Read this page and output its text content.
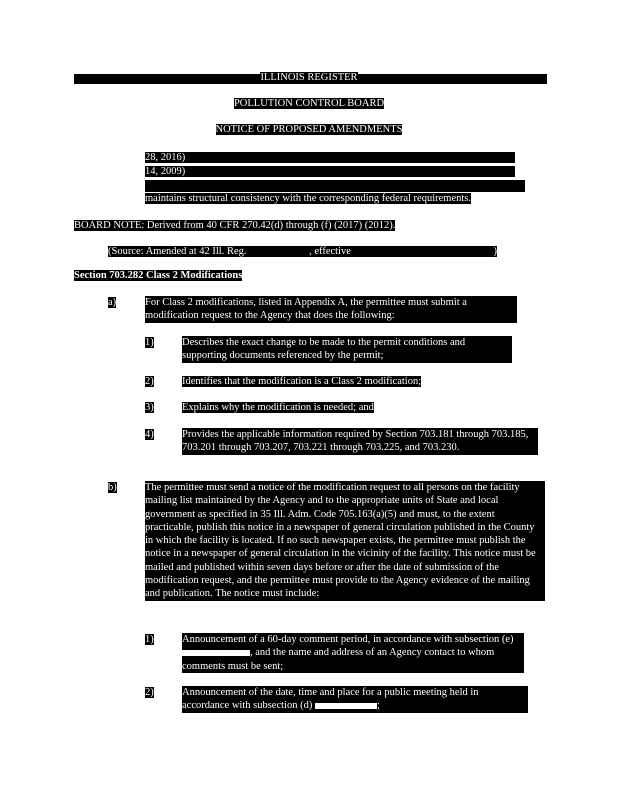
ILLINOIS REGISTER
POLLUTION CONTROL BOARD
NOTICE OF PROPOSED AMENDMENTS
28, 2016)
14, 2009)
maintains structural consistency with the corresponding federal requirements.
BOARD NOTE: Derived from 40 CFR 270.42(d) through (f) (2017) (2012).
(Source: Amended at 42 Ill. Reg.	, effective	)
Section 703.282 Class 2 Modifications
a)	For Class 2 modifications, listed in Appendix A, the permittee must submit a modification request to the Agency that does the following:
1)	Describes the exact change to be made to the permit conditions and supporting documents referenced by the permit;
2)	Identifies that the modification is a Class 2 modification;
3)	Explains why the modification is needed; and
4)	Provides the applicable information required by Section 703.181 through 703.185, 703.201 through 703.207, 703.221 through 703.225, and 703.230.
b)	The permittee must send a notice of the modification request to all persons on the facility mailing list maintained by the Agency and to the appropriate units of State and local government as specified in 35 Ill. Adm. Code 705.163(a)(5) and must, to the extent practicable, publish this notice in a newspaper of general circulation published in the County in which the facility is located. If no such newspaper exists, the permittee must publish the notice in a newspaper of general circulation in the vicinity of the facility. This notice must be mailed and published within seven days before or after the date of submission of the modification request, and the permittee must provide to the Agency evidence of the mailing and publication. The notice must include:
1)	Announcement of a 60-day comment period, in accordance with subsection (e) , and the name and address of an Agency contact to whom comments must be sent;
2)	Announcement of the date, time and place for a public meeting held in accordance with subsection (d)	;
